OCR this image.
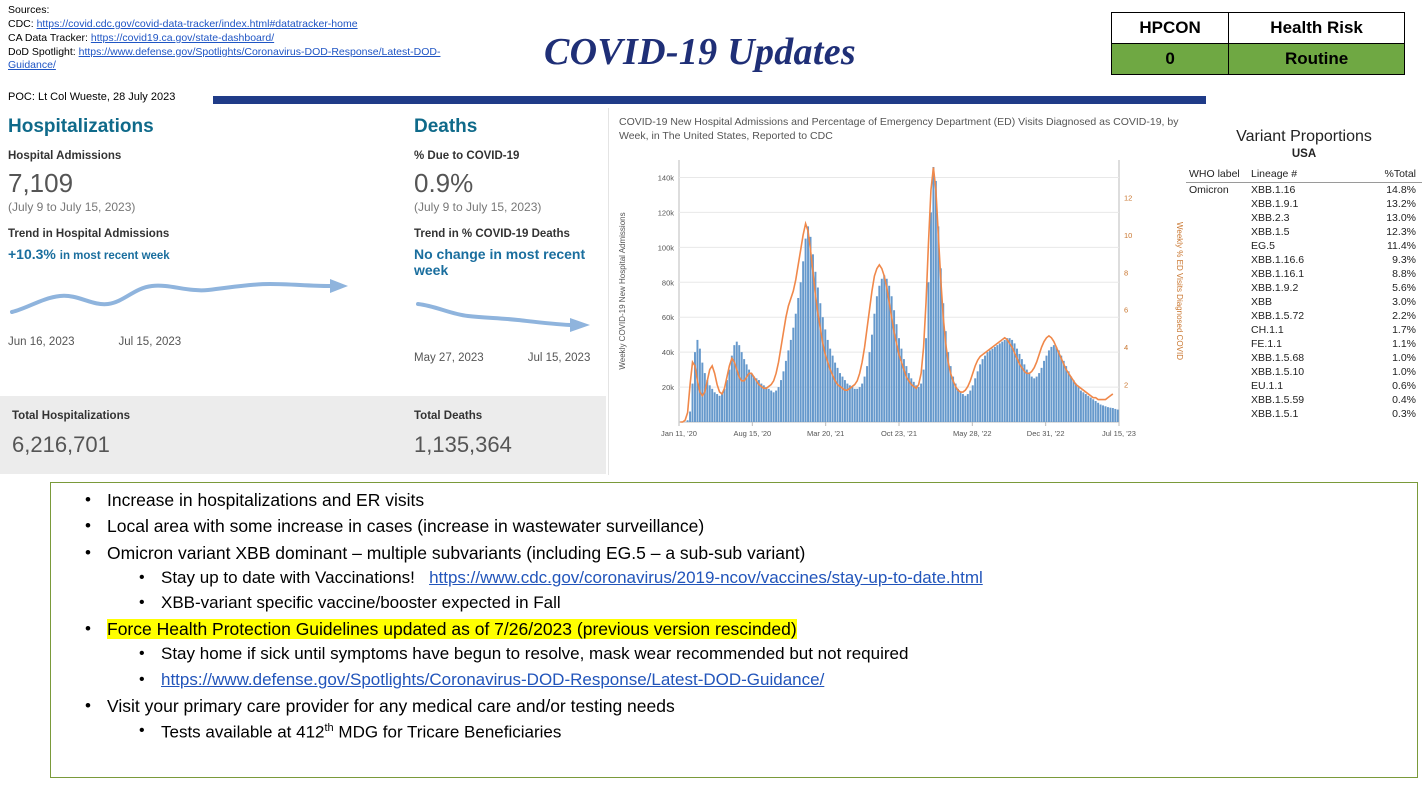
Sources:
CDC: https://covid.cdc.gov/covid-data-tracker/index.html#datatracker-home
CA Data Tracker: https://covid19.ca.gov/state-dashboard/
DoD Spotlight: https://www.defense.gov/Spotlights/Coronavirus-DOD-Response/Latest-DOD-Guidance/
POC: Lt Col Wueste, 28 July 2023
COVID-19 Updates
HPCON	Health Risk
0	Routine
Hospitalizations
Hospital Admissions
7,109
(July 9 to July 15, 2023)
Trend in Hospital Admissions
+10.3% in most recent week
Jun 16, 2023	Jul 15, 2023
Deaths
% Due to COVID-19
0.9%
(July 9 to July 15, 2023)
Trend in % COVID-19 Deaths
No change in most recent week
May 27, 2023	Jul 15, 2023
Total Hospitalizations
6,216,701
Total Deaths
1,135,364
COVID-19 New Hospital Admissions and Percentage of Emergency Department (ED) Visits Diagnosed as COVID-19, by Week, in The United States, Reported to CDC
20k
40k
60k
80k
100k
120k
140k
2
4
6
8
10
12
Jan 11, '20	Aug 15, '20	Mar 20, '21	Oct 23, '21	May 28, '22	Dec 31, '22	Jul 15, '23
Weekly COVID-19 New Hospital Admissions	Weekly % ED Visits Diagnosed COVID
Variant Proportions
USA
WHO label	Lineage #	%Total
Omicron	XBB.1.16	14.8%
	XBB.1.9.1	13.2%
	XBB.2.3	13.0%
	XBB.1.5	12.3%
	EG.5	11.4%
	XBB.1.16.6	9.3%
	XBB.1.16.1	8.8%
	XBB.1.9.2	5.6%
	XBB	3.0%
	XBB.1.5.72	2.2%
	CH.1.1	1.7%
	FE.1.1	1.1%
	XBB.1.5.68	1.0%
	XBB.1.5.10	1.0%
	EU.1.1	0.6%
	XBB.1.5.59	0.4%
	XBB.1.5.1	0.3%
• Increase in hospitalizations and ER visits
• Local area with some increase in cases (increase in wastewater surveillance)
• Omicron variant XBB dominant – multiple subvariants (including EG.5 – a sub-sub variant)
• Stay up to date with Vaccinations! https://www.cdc.gov/coronavirus/2019-ncov/vaccines/stay-up-to-date.html
• XBB-variant specific vaccine/booster expected in Fall
• Force Health Protection Guidelines updated as of 7/26/2023 (previous version rescinded)
• Stay home if sick until symptoms have begun to resolve, mask wear recommended but not required
• https://www.defense.gov/Spotlights/Coronavirus-DOD-Response/Latest-DOD-Guidance/
• Visit your primary care provider for any medical care and/or testing needs
• Tests available at 412th MDG for Tricare Beneficiaries
